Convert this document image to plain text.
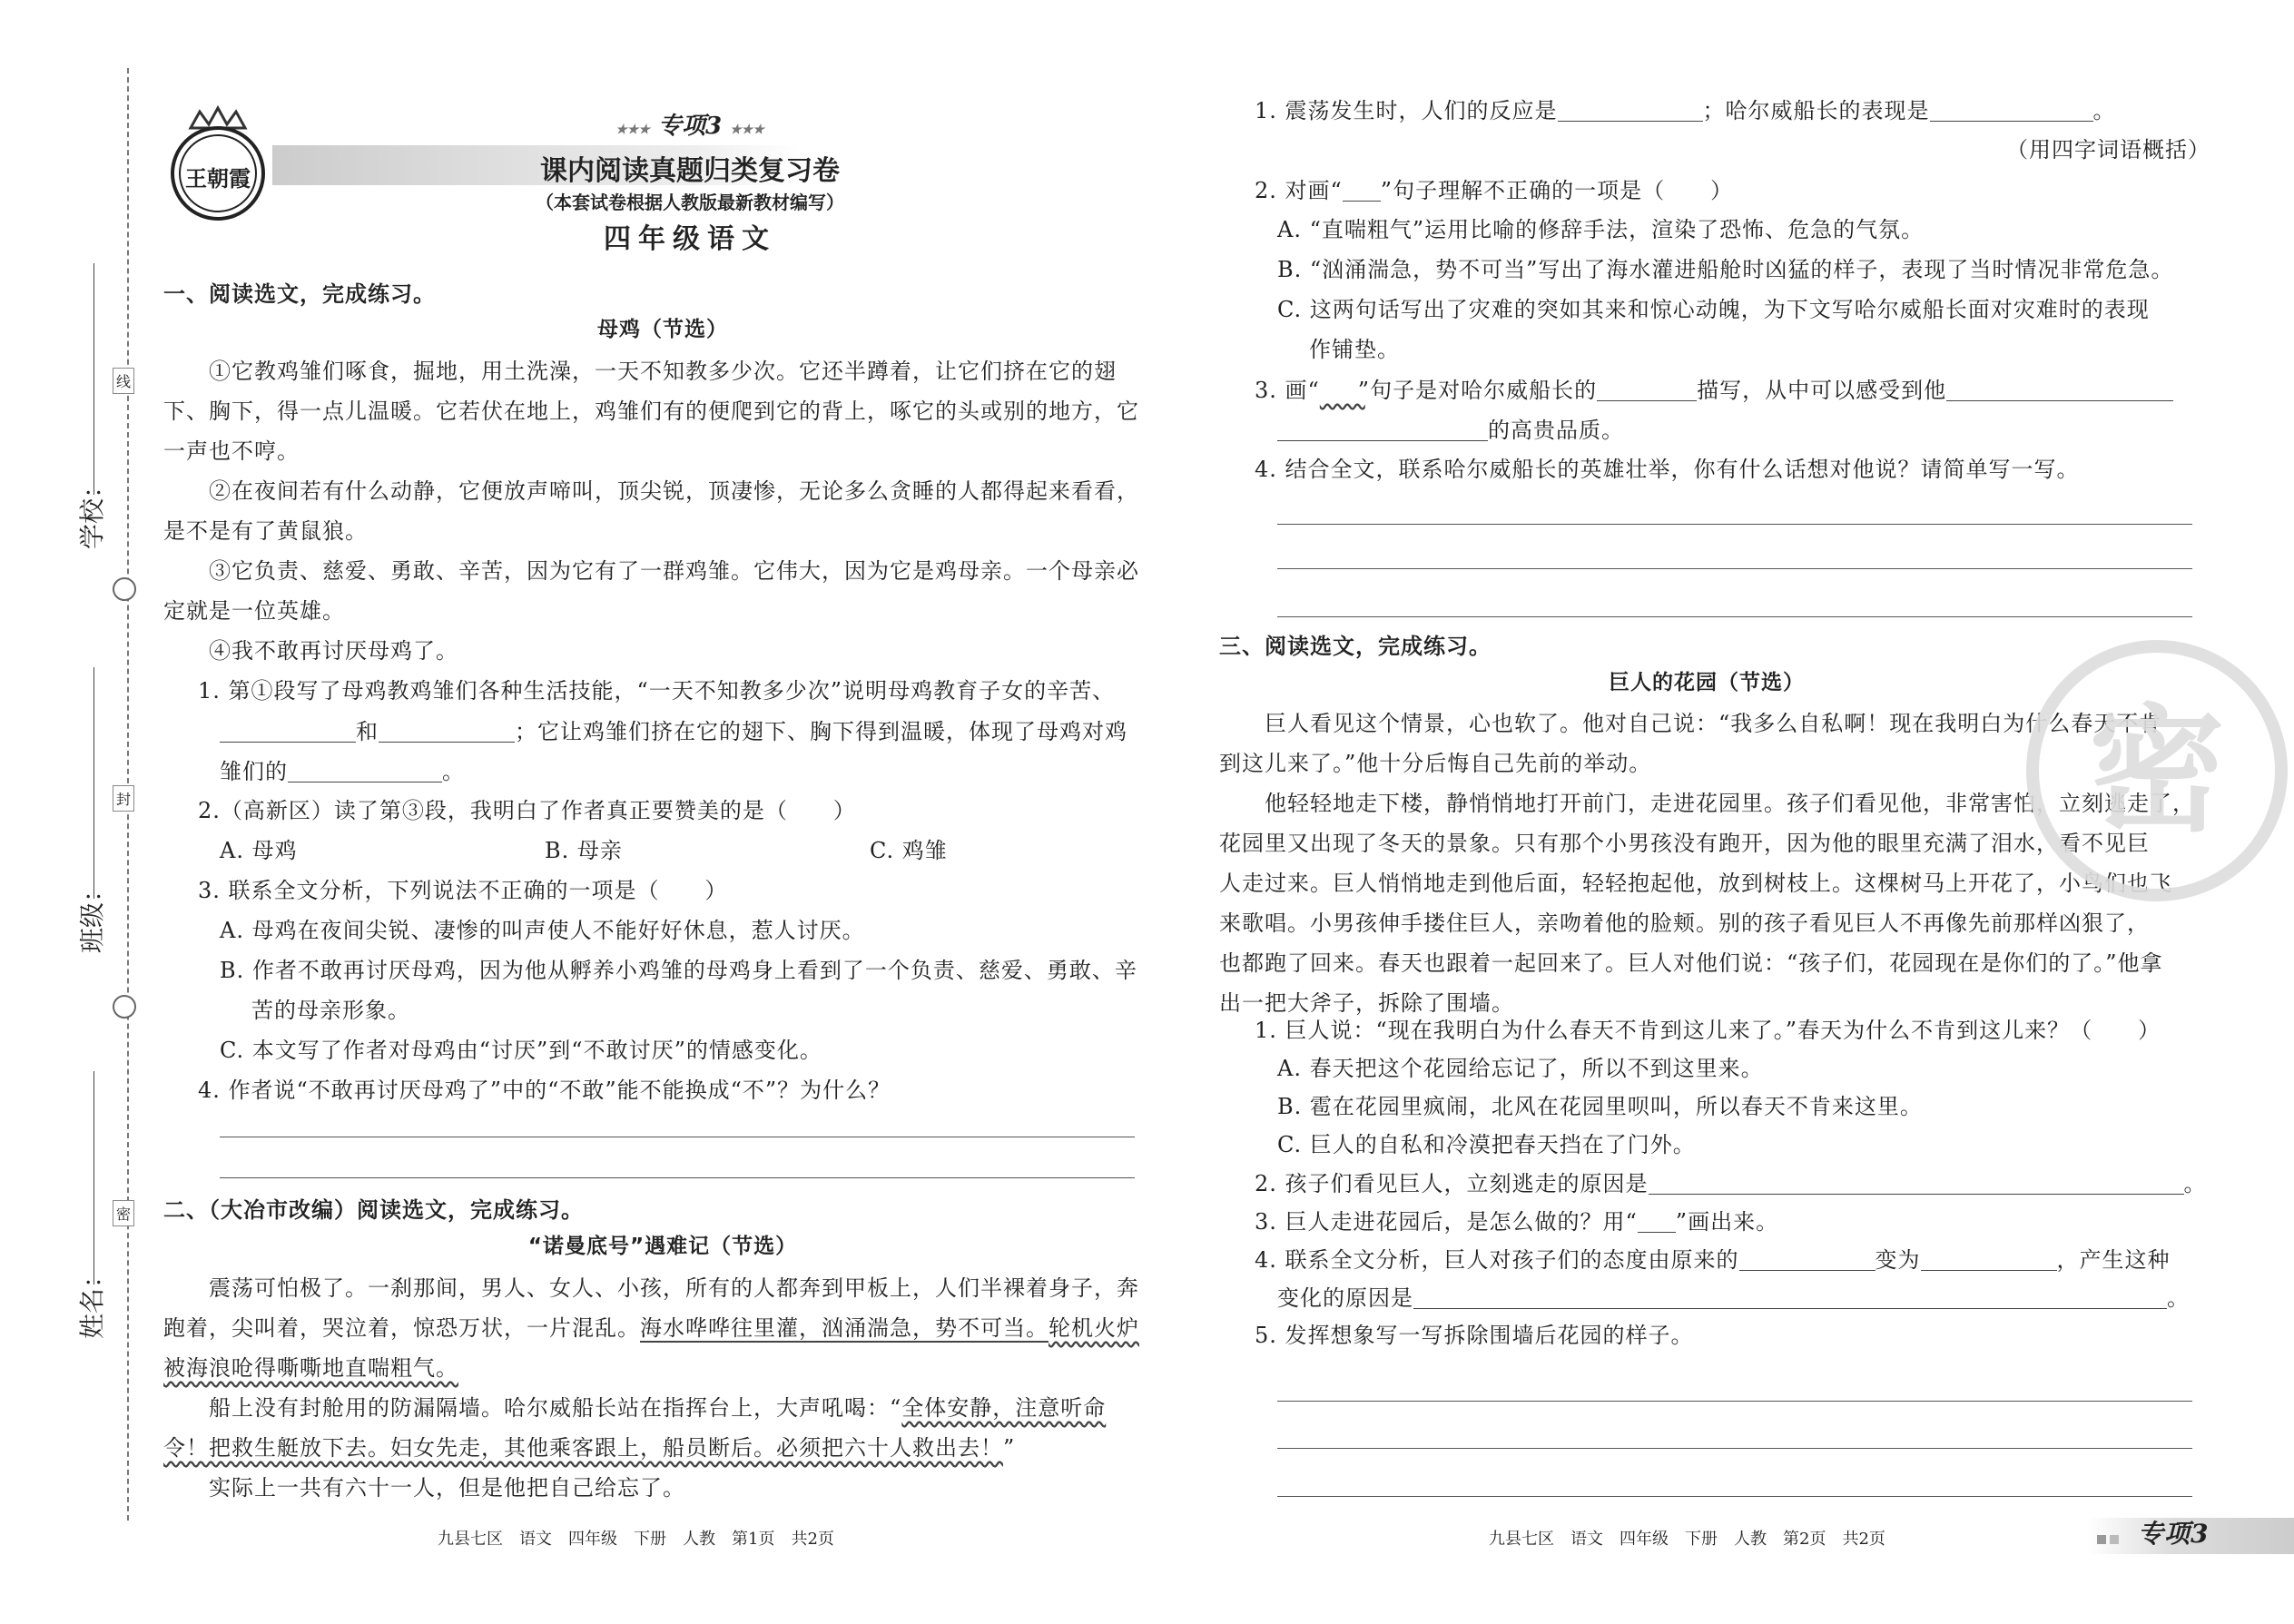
学校：
班级：
姓名：
线
封
密
王朝霞
★★★ 专项3 ★★★
课内阅读真题归类复习卷
（本套试卷根据人教版最新教材编写）
四年级语文
一、阅读选文，完成练习。
母鸡（节选）
①它教鸡雏们啄食，掘地，用土洗澡，一天不知教多少次。它还半蹲着，让它们挤在它的翅
下、胸下，得一点儿温暖。它若伏在地上，鸡雏们有的便爬到它的背上，啄它的头或别的地方，它
一声也不哼。
②在夜间若有什么动静，它便放声啼叫，顶尖锐，顶凄惨，无论多么贪睡的人都得起来看看，
是不是有了黄鼠狼。
③它负责、慈爱、勇敢、辛苦，因为它有了一群鸡雏。它伟大，因为它是鸡母亲。一个母亲必
定就是一位英雄。
④我不敢再讨厌母鸡了。
1. 第①段写了母鸡教鸡雏们各种生活技能，“一天不知教多少次”说明母鸡教育子女的辛苦、
和	；它让鸡雏们挤在它的翅下、胸下得到温暖，体现了母鸡对鸡
雏们的	。
2.（高新区）读了第③段，我明白了作者真正要赞美的是（　　）
A. 母鸡	B. 母亲	C. 鸡雏
3. 联系全文分析，下列说法不正确的一项是（　　）
A. 母鸡在夜间尖锐、凄惨的叫声使人不能好好休息，惹人讨厌。
B. 作者不敢再讨厌母鸡，因为他从孵养小鸡雏的母鸡身上看到了一个负责、慈爱、勇敢、辛
苦的母亲形象。
C. 本文写了作者对母鸡由“讨厌”到“不敢讨厌”的情感变化。
4. 作者说“不敢再讨厌母鸡了”中的“不敢”能不能换成“不”？为什么？
二、（大冶市改编）阅读选文，完成练习。
“诺曼底号”遇难记（节选）
震荡可怕极了。一刹那间，男人、女人、小孩，所有的人都奔到甲板上，人们半裸着身子，奔
跑着，尖叫着，哭泣着，惊恐万状，一片混乱。海水哗哗往里灌，汹涌湍急，势不可当。轮机火炉
被海浪呛得嘶嘶地直喘粗气。
船上没有封舱用的防漏隔墙。哈尔威船长站在指挥台上，大声吼喝：“全体安静，注意听命
令！把救生艇放下去。妇女先走，其他乘客跟上，船员断后。必须把六十人救出去！”
实际上一共有六十一人，但是他把自己给忘了。
九县七区　语文　四年级　下册　人教　第1页　共2页
1. 震荡发生时，人们的反应是	；哈尔威船长的表现是	。
（用四字词语概括）
2. 对画“ ”句子理解不正确的一项是（　　）
A. “直喘粗气”运用比喻的修辞手法，渲染了恐怖、危急的气氛。
B. “汹涌湍急，势不可当”写出了海水灌进船舱时凶猛的样子，表现了当时情况非常危急。
C. 这两句话写出了灾难的突如其来和惊心动魄，为下文写哈尔威船长面对灾难时的表现
作铺垫。
3. 画“　　 ”句子是对哈尔威船长的	描写，从中可以感受到他
的高贵品质。
4. 结合全文，联系哈尔威船长的英雄壮举，你有什么话想对他说？请简单写一写。
三、阅读选文，完成练习。
巨人的花园（节选）
巨人看见这个情景，心也软了。他对自己说：“我多么自私啊！现在我明白为什么春天不肯
到这儿来了。”他十分后悔自己先前的举动。
他轻轻地走下楼，静悄悄地打开前门，走进花园里。孩子们看见他，非常害怕，立刻逃走了，
花园里又出现了冬天的景象。只有那个小男孩没有跑开，因为他的眼里充满了泪水，看不见巨
人走过来。巨人悄悄地走到他后面，轻轻抱起他，放到树枝上。这棵树马上开花了，小鸟们也飞
来歌唱。小男孩伸手搂住巨人，亲吻着他的脸颊。别的孩子看见巨人不再像先前那样凶狠了，
也都跑了回来。春天也跟着一起回来了。巨人对他们说：“孩子们，花园现在是你们的了。”他拿
出一把大斧子，拆除了围墙。
1. 巨人说：“现在我明白为什么春天不肯到这儿来了。”春天为什么不肯到这儿来？（　　）
A. 春天把这个花园给忘记了，所以不到这里来。
B. 雹在花园里疯闹，北风在花园里呗叫，所以春天不肯来这里。
C. 巨人的自私和冷漠把春天挡在了门外。
2. 孩子们看见巨人，立刻逃走的原因是	。
3. 巨人走进花园后，是怎么做的？用“ ”画出来。
4. 联系全文分析，巨人对孩子们的态度由原来的	变为	，产生这种
变化的原因是	。
5. 发挥想象写一写拆除围墙后花园的样子。
密
九县七区　语文　四年级　下册　人教　第2页　共2页	专项3
